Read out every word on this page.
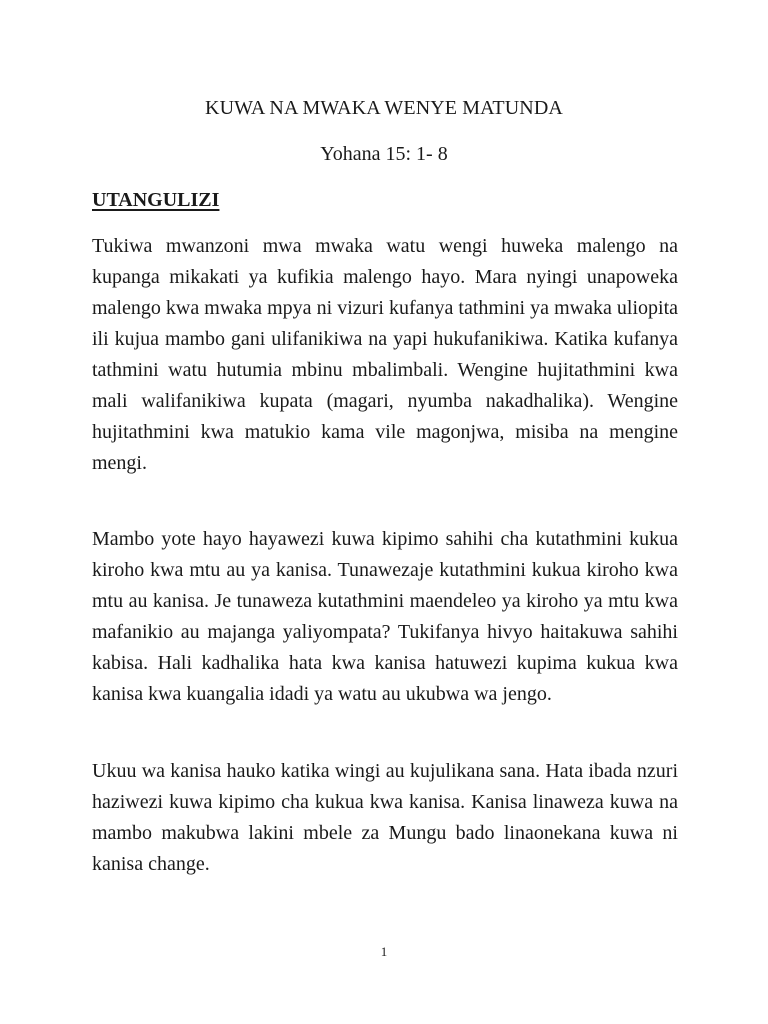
KUWA NA MWAKA WENYE MATUNDA
Yohana 15: 1- 8
UTANGULIZI

Tukiwa mwanzoni mwa mwaka watu wengi huweka malengo na kupanga mikakati ya kufikia malengo hayo. Mara nyingi unapoweka malengo kwa mwaka mpya ni vizuri kufanya tathmini ya mwaka uliopita ili kujua mambo gani ulifanikiwa na yapi hukufanikiwa. Katika kufanya tathmini watu hutumia mbinu mbalimbali. Wengine hujitathmini kwa mali walifanikiwa kupata (magari, nyumba nakadhalika). Wengine hujitathmini kwa matukio kama vile magonjwa, misiba na mengine mengi.

Mambo yote hayo hayawezi kuwa kipimo sahihi cha kutathmini kukua kiroho kwa mtu au ya kanisa. Tunawezaje kutathmini kukua kiroho kwa mtu au kanisa. Je tunaweza kutathmini maendeleo ya kiroho ya mtu kwa mafanikio au majanga yaliyompata? Tukifanya hivyo haitakuwa sahihi kabisa. Hali kadhalika hata kwa kanisa hatuwezi kupima kukua kwa kanisa kwa kuangalia idadi ya watu au ukubwa wa jengo.

Ukuu wa kanisa hauko katika wingi au kujulikana sana. Hata ibada nzuri haziwezi kuwa kipimo cha kukua kwa kanisa. Kanisa linaweza kuwa na mambo makubwa lakini mbele za Mungu bado linaonekana kuwa ni kanisa change.

1
